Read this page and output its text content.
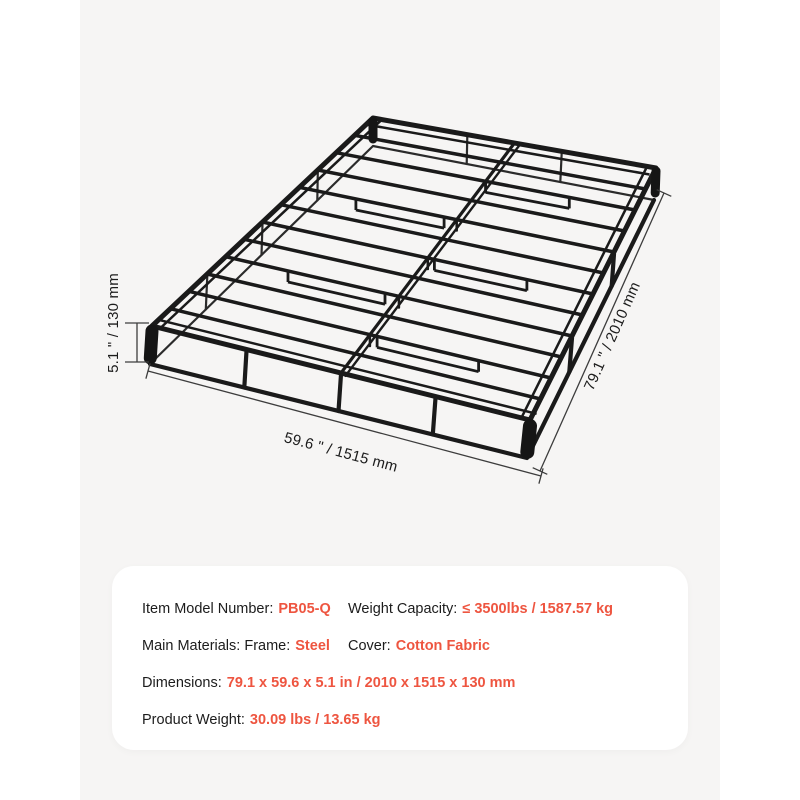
5.1 " / 130 mm
59.6 " / 1515 mm
79.1 " / 2010 mm
Item Model Number: PB05-Q Weight Capacity: ≤ 3500lbs / 1587.57 kg
Main Materials: Frame: Steel Cover: Cotton Fabric
Dimensions: 79.1 x 59.6 x 5.1 in / 2010 x 1515 x 130 mm
Product Weight: 30.09 lbs / 13.65 kg
